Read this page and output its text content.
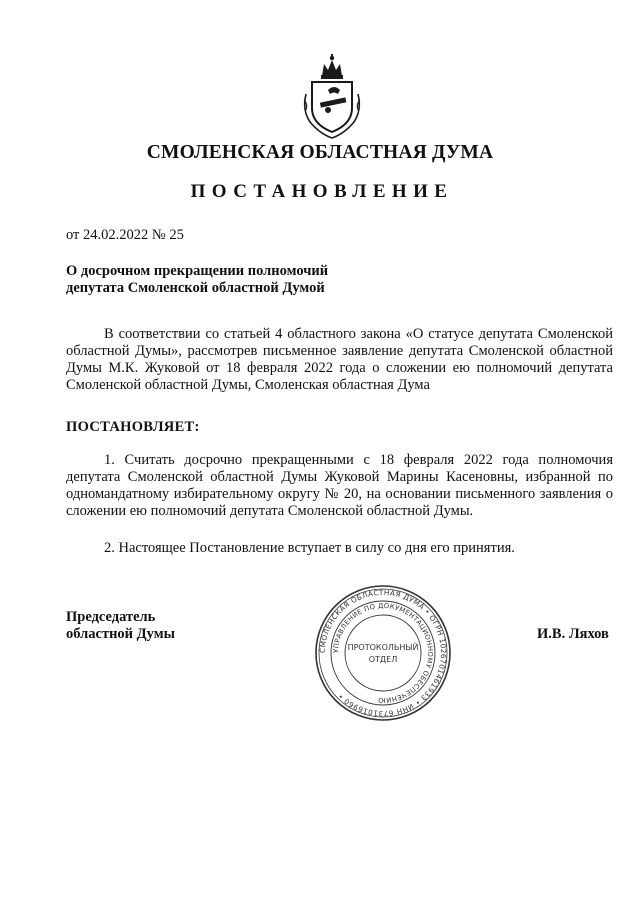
СМОЛЕНСКАЯ ОБЛАСТНАЯ ДУМА
ПОСТАНОВЛЕНИЕ
от 24.02.2022 № 25
О досрочном прекращении полномочий
депутата Смоленской областной Думой
В соответствии со статьей 4 областного закона «О статусе депутата Смоленской областной Думы», рассмотрев письменное заявление депутата Смоленской областной Думы М.К. Жуковой от 18 февраля 2022 года о сложении ею полномочий депутата Смоленской областной Думы, Смоленская областная Дума
ПОСТАНОВЛЯЕТ:
1. Считать досрочно прекращенными с 18 февраля 2022 года полномочия депутата Смоленской областной Думы Жуковой Марины Касеновны, избранной по одномандатному избирательному округу № 20, на основании письменного заявления о сложении ею полномочий депутата Смоленской областной Думы.
2. Настоящее Постановление вступает в силу со дня его принятия.
Председатель
областной Думы
СМОЛЕНСКАЯ ОБЛАСТНАЯ ДУМА • ОГРН 1026701461933 • ИНН 6731016960 •
УПРАВЛЕНИЕ ПО ДОКУМЕНТАЦИОННОМУ ОБЕСПЕЧЕНИЮ
ПРОТОКОЛЬНЫЙ
ОТДЕЛ
И.В. Ляхов
